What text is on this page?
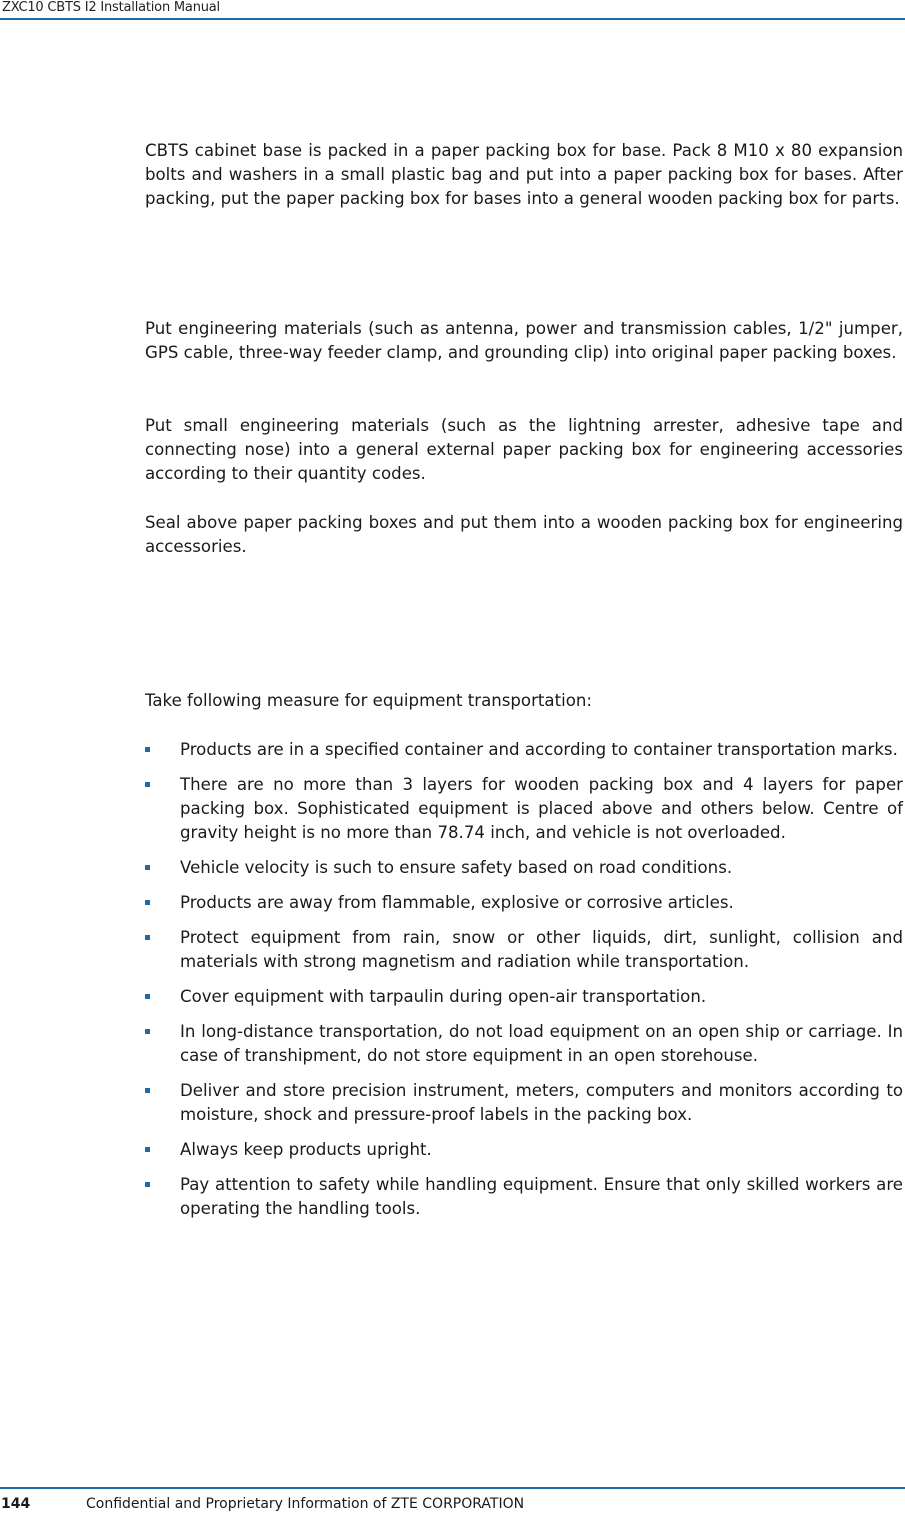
ZXC10 CBTS I2 Installation Manual

CBTS cabinet base is packed in a paper packing box for base. Pack 8 M10 x 80 expansion bolts and washers in a small plastic bag and put into a paper packing box for bases. After packing, put the paper packing box for bases into a general wooden packing box for parts.

Put engineering materials (such as antenna, power and transmission cables, 1/2" jumper, GPS cable, three-way feeder clamp, and grounding clip) into original paper packing boxes.

Put small engineering materials (such as the lightning arrester, adhesive tape and connecting nose) into a general external paper packing box for engineering accessories according to their quantity codes.

Seal above paper packing boxes and put them into a wooden packing box for engineering accessories.

Take following measure for equipment transportation:

Products are in a specified container and according to container transportation marks.
There are no more than 3 layers for wooden packing box and 4 layers for paper packing box. Sophisticated equipment is placed above and others below. Centre of gravity height is no more than 78.74 inch, and vehicle is not overloaded.
Vehicle velocity is such to ensure safety based on road conditions.
Products are away from flammable, explosive or corrosive articles.
Protect equipment from rain, snow or other liquids, dirt, sunlight, collision and materials with strong magnetism and radiation while transportation.
Cover equipment with tarpaulin during open-air transportation.
In long-distance transportation, do not load equipment on an open ship or carriage. In case of transhipment, do not store equipment in an open storehouse.
Deliver and store precision instrument, meters, computers and monitors according to moisture, shock and pressure-proof labels in the packing box.
Always keep products upright.
Pay attention to safety while handling equipment. Ensure that only skilled workers are operating the handling tools.
144	Confidential and Proprietary Information of ZTE CORPORATION
